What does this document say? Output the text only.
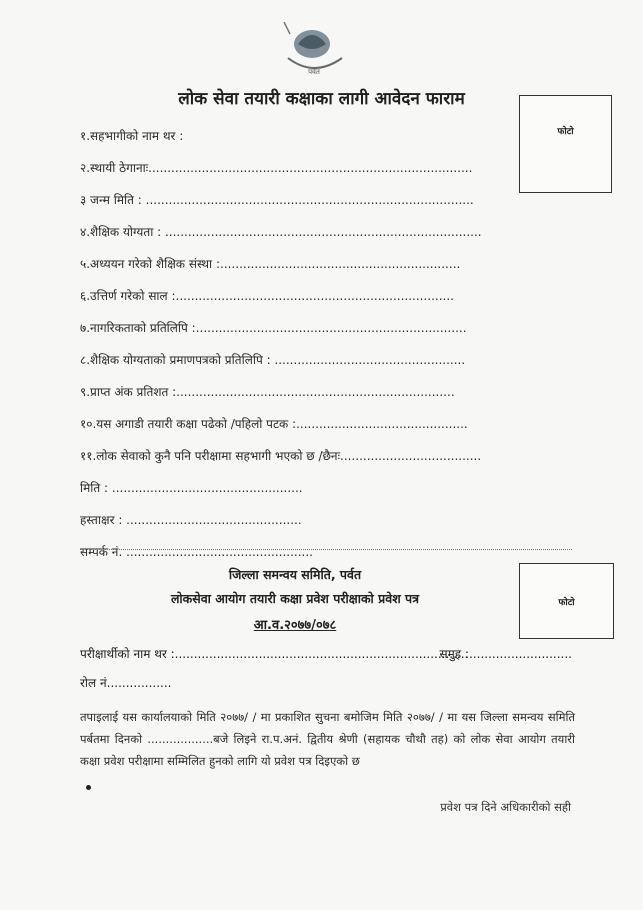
पर्वत
लोक सेवा तयारी कक्षाका लागी आवेदन फाराम
फोटो
१.सहभागीको नाम थर :
२.स्थायी ठेगानाः.....................................................................................
३ जन्म मिति : ......................................................................................
४.शैक्षिक योग्यता : ...................................................................................
५.अध्ययन गरेको शैक्षिक संस्था :...............................................................
६.उत्तिर्ण गरेको साल :.........................................................................
७.नागरिकताको प्रतिलिपि :.......................................................................
८.शैक्षिक योग्यताको प्रमाणपत्रको प्रतिलिपि : ..................................................
९.प्राप्त अंक प्रतिशत :.........................................................................
१०.यस अगाडी तयारी कक्षा पढेको /पहिलो पटक :.............................................
११.लोक सेवाको कुनै पनि परीक्षामा सहभागी भएको छ /छैनः.....................................
मिति : ..................................................
हस्ताक्षर : ..............................................
सम्पर्क नं. .................................................
जिल्ला समन्वय समिति, पर्वत
लोकसेवा आयोग तयारी कक्षा प्रवेश परीक्षाको प्रवेश पत्र
आ.व.२०७७/०७८
फोटो
परीक्षार्थीको नाम थर :.............................................................................
समुह :...........................
रोल नं.................
तपाइलाई यस कार्यालयाको मिति २०७७/ / मा प्रकाशित सुचना बमोजिम मिति २०७७/ / मा यस जिल्ला समन्वय समिति पर्बतमा दिनको ..................बजे लिइने रा.प.अनं. द्वितीय श्रेणी (सहायक चौथौ तह) को लोक सेवा आयोग तयारी कक्षा प्रवेश परीक्षामा सम्मिलित हुनको लागि यो प्रवेश पत्र दिइएको छ
प्रवेश पत्र दिने अधिकारीको सही
